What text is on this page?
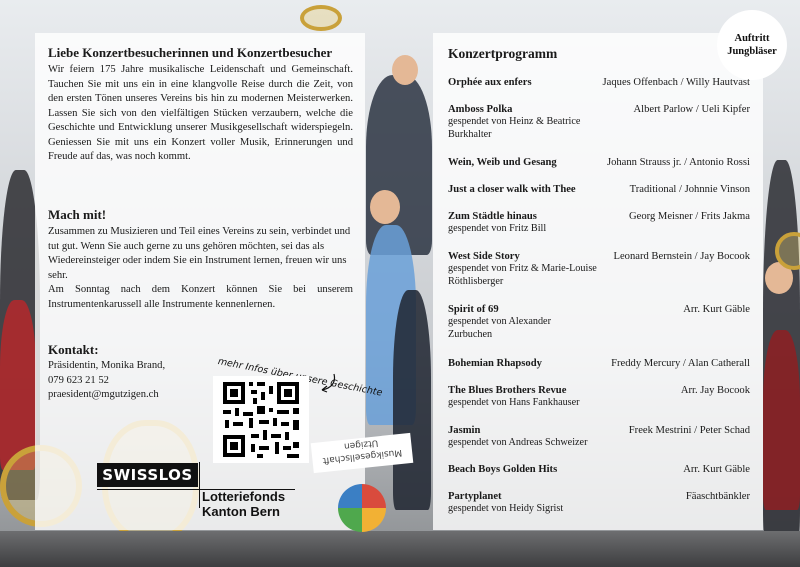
Liebe Konzertbesucherinnen und Konzertbesucher
Wir feiern 175 Jahre musikalische Leidenschaft und Gemeinschaft. Tauchen Sie mit uns ein in eine klangvolle Reise durch die Zeit, von den ersten Tönen unseres Vereins bis hin zu modernen Meisterwerken. Lassen Sie sich von den vielfältigen Stücken verzaubern, welche die Geschichte und Entwicklung unserer Musikgesellschaft widerspiegeln. Geniessen Sie mit uns ein Konzert voller Musik, Erinnerungen und Freude auf das, was noch kommt.
Mach mit!
Zusammen zu Musizieren und Teil eines Vereins zu sein, verbindet und tut gut. Wenn Sie auch gerne zu uns gehören möchten, sei das als Wiedereinsteiger oder indem Sie ein Instrument lernen, freuen wir uns sehr.
Am Sonntag nach dem Konzert können Sie bei unserem Instrumentenkarussell alle Instrumente kennenlernen.
Kontakt:
Präsidentin, Monika Brand,
079 623 21 52
praesident@mgutzigen.ch
mehr Infos über unsere Geschichte
SWISSLOS
Lotteriefonds
Kanton Bern
Musikgesellschaft Utzigen
Konzertprogramm
Auftritt
Jungbläser
Orphée aux enfers	Jaques Offenbach / Willy Hautvast
Amboss Polka	Albert Parlow / Ueli Kipfer
gespendet von Heinz & Beatrice Burkhalter
Wein, Weib und Gesang	Johann Strauss jr. / Antonio Rossi
Just a closer walk with Thee	Traditional / Johnnie Vinson
Zum Städtle hinaus	Georg Meisner / Frits Jakma
gespendet von Fritz Bill
West Side Story	Leonard Bernstein / Jay Bocook
gespendet von Fritz & Marie-Louise Röthlisberger
Spirit of 69	Arr. Kurt Gäble
gespendet von Alexander Zurbuchen
Bohemian Rhapsody	Freddy Mercury / Alan Catherall
The Blues Brothers Revue	Arr. Jay Bocook
gespendet von Hans Fankhauser
Jasmin	Freek Mestrini / Peter Schad
gespendet von Andreas Schweizer
Beach Boys Golden Hits	Arr. Kurt Gäble
Partyplanet	Fäaschtbänkler
gespendet von Heidy Sigrist
